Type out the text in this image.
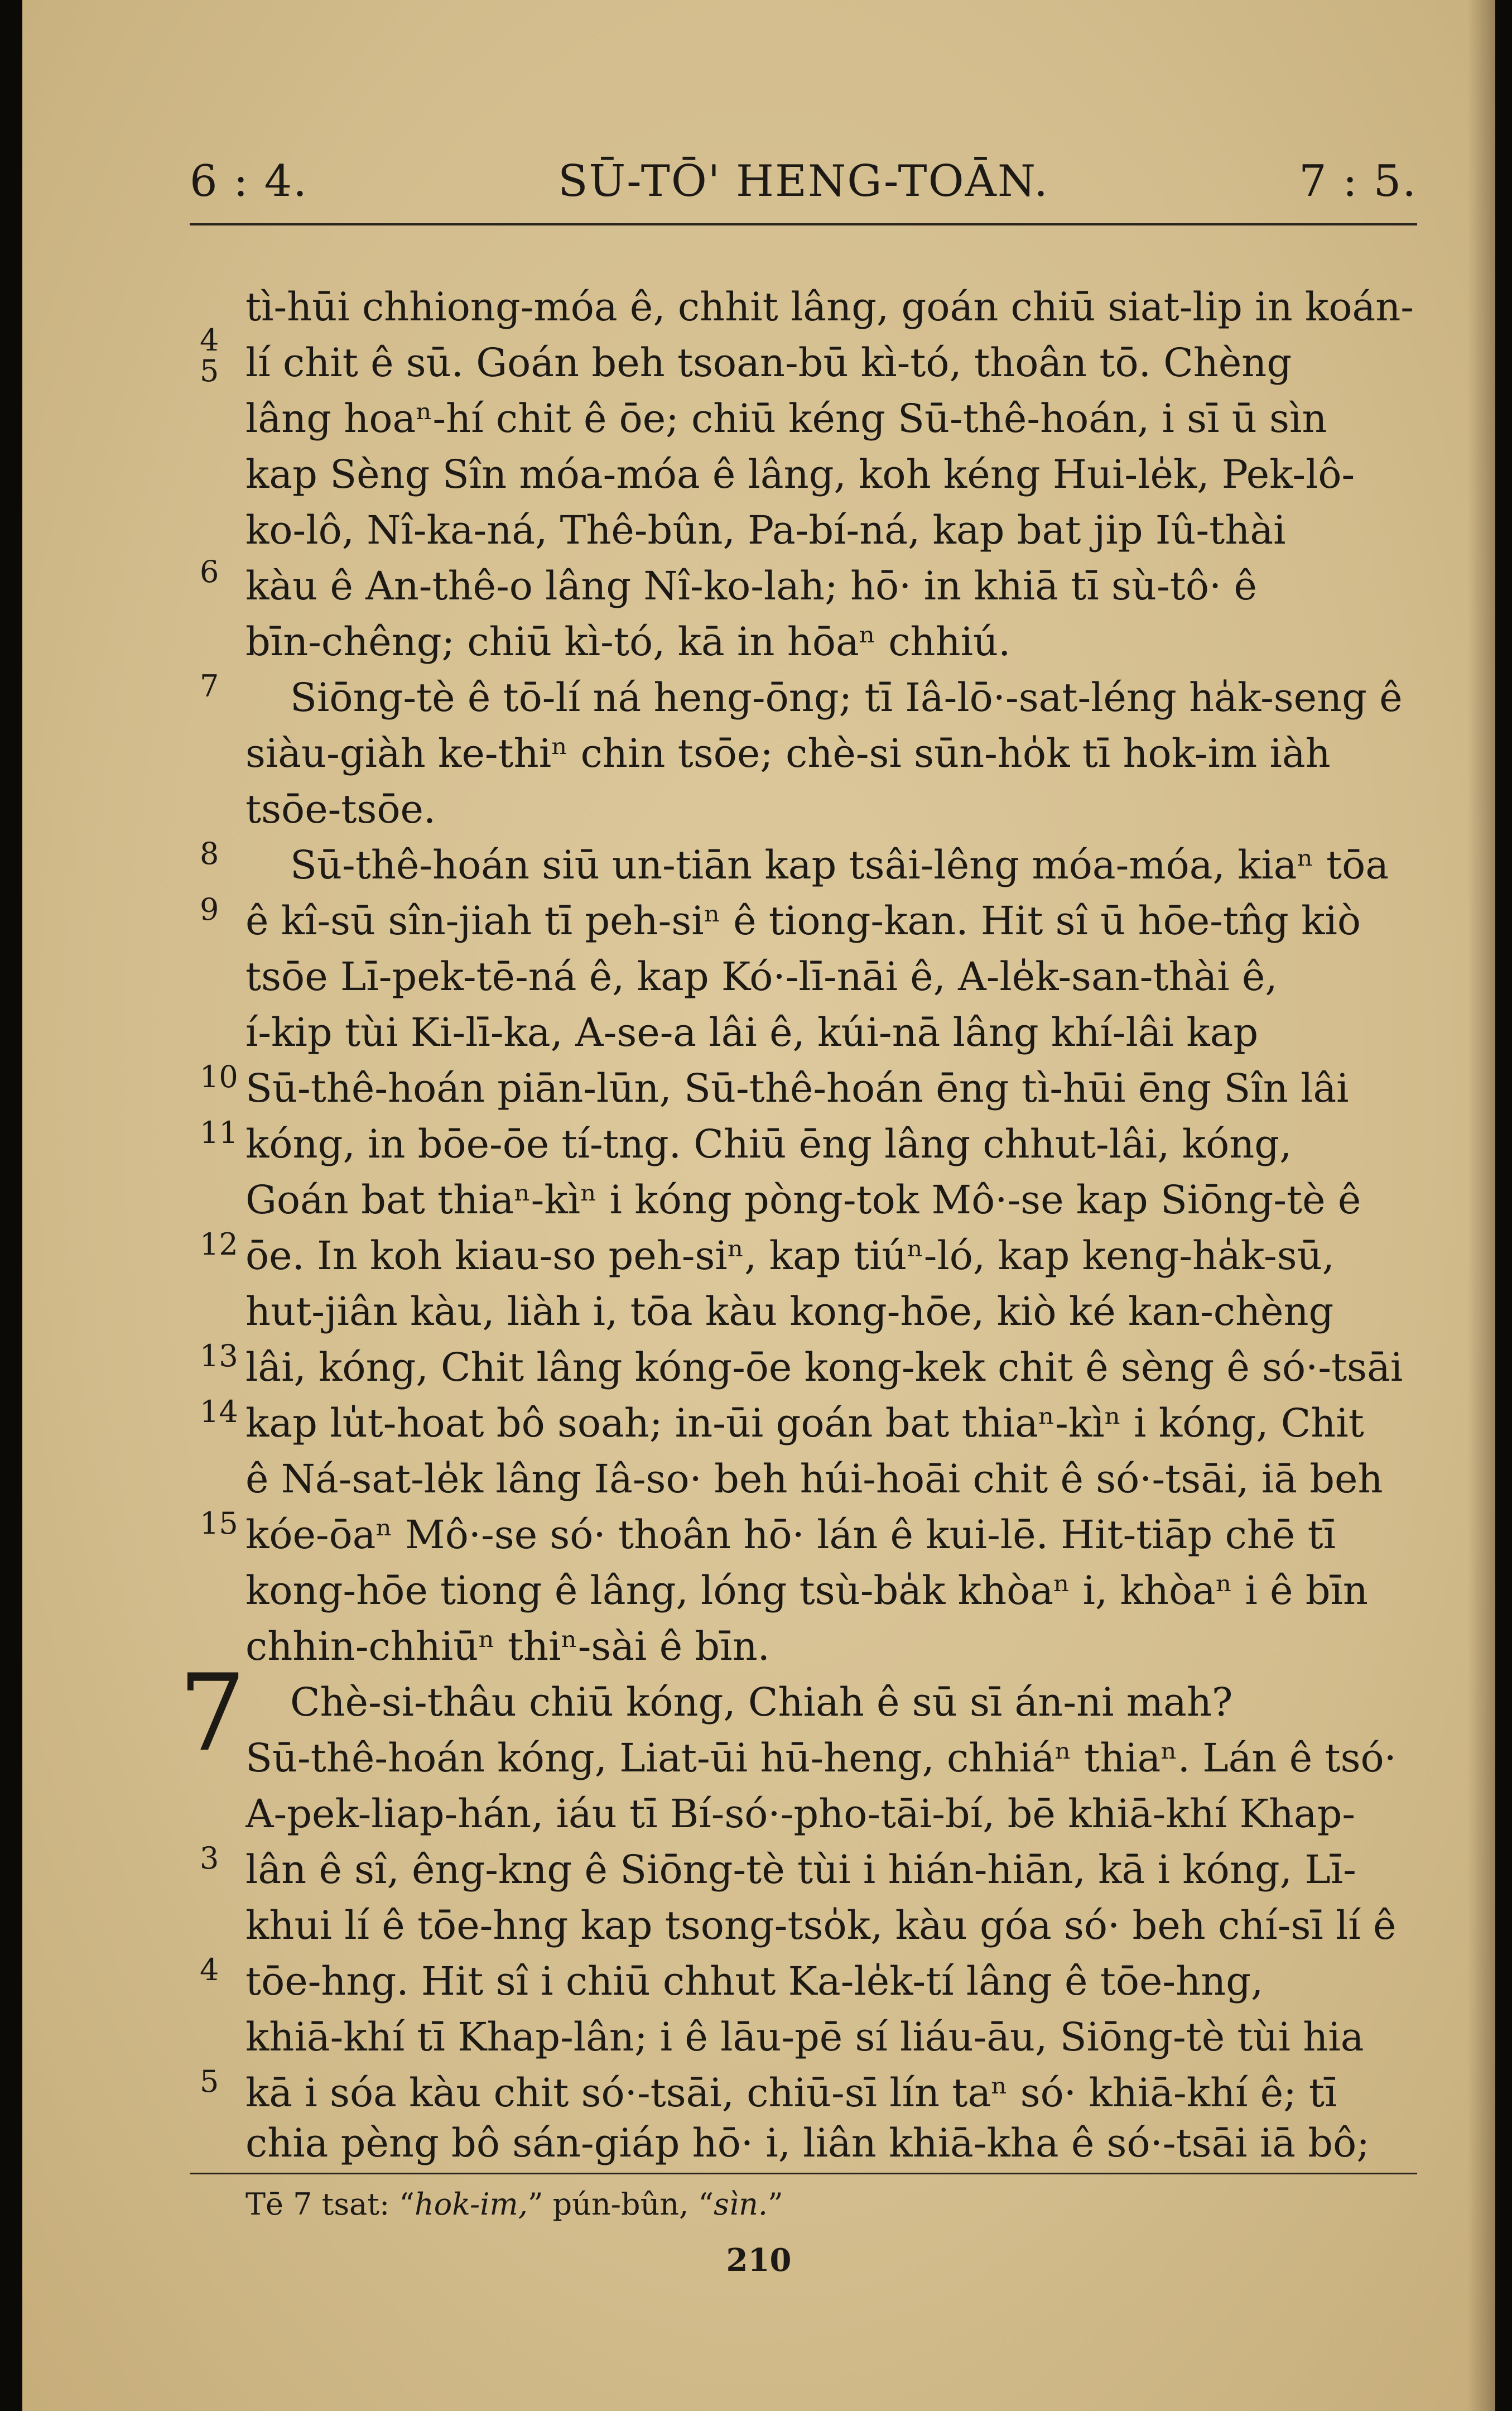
6 : 4.	SŪ-TŌ' HENG-TOĀN.	7 : 5.
4
5
6
7
8
9
10
11
12
13
14
15
3
4
5
7
tì-hūi chhiong-móa ê, chhit lâng, goán chiū siat-lip in koán-
lí chit ê sū. Goán beh tsoan-bū kì-tó, thoân tō. Chèng
lâng hoaⁿ-hí chit ê ōe; chiū kéng Sū-thê-hoán, i sī ū sìn
kap Sèng Sîn móa-móa ê lâng, koh kéng Hui-le̍k, Pek-lô-
ko-lô, Nî-ka-ná, Thê-bûn, Pa-bí-ná, kap bat jip Iû-thài
kàu ê An-thê-o lâng Nî-ko-lah; hō· in khiā tī sù-tô· ê
bīn-chêng; chiū kì-tó, kā in hōaⁿ chhiú.
Siōng-tè ê tō-lí ná heng-ōng; tī Iâ-lō·-sat-léng ha̍k-seng ê
siàu-giàh ke-thiⁿ chin tsōe; chè-si sūn-ho̍k tī hok-im iàh
tsōe-tsōe.
Sū-thê-hoán siū un-tiān kap tsâi-lêng móa-móa, kiaⁿ tōa
ê kî-sū sîn-jiah tī peh-siⁿ ê tiong-kan. Hit sî ū hōe-tn̂g kiò
tsōe Lī-pek-tē-ná ê, kap Kó·-lī-nāi ê, A-le̍k-san-thài ê,
í-kip tùi Ki-lī-ka, A-se-a lâi ê, kúi-nā lâng khí-lâi kap
Sū-thê-hoán piān-lūn, Sū-thê-hoán ēng tì-hūi ēng Sîn lâi
kóng, in bōe-ōe tí-tng. Chiū ēng lâng chhut-lâi, kóng,
Goán bat thiaⁿ-kìⁿ i kóng pòng-tok Mô·-se kap Siōng-tè ê
ōe. In koh kiau-so peh-siⁿ, kap tiúⁿ-ló, kap keng-ha̍k-sū,
hut-jiân kàu, liàh i, tōa kàu kong-hōe, kiò ké kan-chèng
lâi, kóng, Chit lâng kóng-ōe kong-kek chit ê sèng ê só·-tsāi
kap lu̍t-hoat bô soah; in-ūi goán bat thiaⁿ-kìⁿ i kóng, Chit
ê Ná-sat-le̍k lâng Iâ-so· beh húi-hoāi chit ê só·-tsāi, iā beh
kóe-ōaⁿ Mô·-se só· thoân hō· lán ê kui-lē. Hit-tiāp chē tī
kong-hōe tiong ê lâng, lóng tsù-ba̍k khòaⁿ i, khòaⁿ i ê bīn
chhin-chhiūⁿ thiⁿ-sài ê bīn.
Chè-si-thâu chiū kóng, Chiah ê sū sī án-ni mah?
Sū-thê-hoán kóng, Liat-ūi hū-heng, chhiáⁿ thiaⁿ. Lán ê tsó·
A-pek-liap-hán, iáu tī Bí-só·-pho-tāi-bí, bē khiā-khí Khap-
lân ê sî, êng-kng ê Siōng-tè tùi i hián-hiān, kā i kóng, Lī-
khui lí ê tōe-hng kap tsong-tso̍k, kàu góa só· beh chí-sī lí ê
tōe-hng. Hit sî i chiū chhut Ka-le̍k-tí lâng ê tōe-hng,
khiā-khí tī Khap-lân; i ê lāu-pē sí liáu-āu, Siōng-tè tùi hia
kā i sóa kàu chit só·-tsāi, chiū-sī lín taⁿ só· khiā-khí ê; tī
chia pèng bô sán-giáp hō· i, liân khiā-kha ê só·-tsāi iā bô;
Tē 7 tsat: “hok-im,” pún-bûn, “sìn.”
210
